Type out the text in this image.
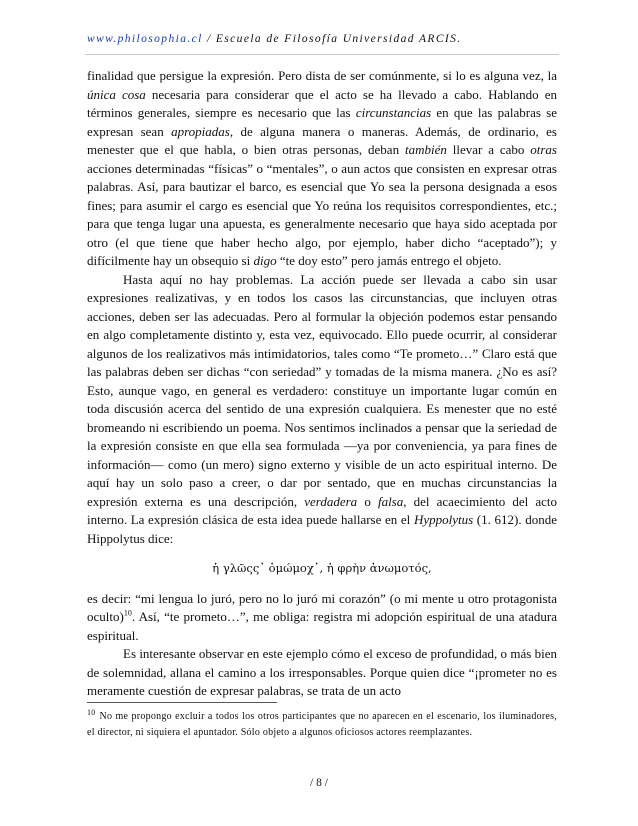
www.philosophia.cl / Escuela de Filosofía Universidad ARCIS.

finalidad que persigue la expresión. Pero dista de ser comúnmente, si lo es alguna vez, la única cosa necesaria para considerar que el acto se ha llevado a cabo. Hablando en términos generales, siempre es necesario que las circunstancias en que las palabras se expresan sean apropiadas, de alguna manera o maneras. Además, de ordinario, es menester que el que habla, o bien otras personas, deban también llevar a cabo otras acciones determinadas “físicas” o “mentales”, o aun actos que consisten en expresar otras palabras. Así, para bautizar el barco, es esencial que Yo sea la persona designada a esos fines; para asumir el cargo es esencial que Yo reúna los requisitos correspondientes, etc.; para que tenga lugar una apuesta, es generalmente necesario que haya sido aceptada por otro (el que tiene que haber hecho algo, por ejemplo, haber dicho “aceptado”); y difícilmente hay un obsequio si digo “te doy esto” pero jamás entrego el objeto.

Hasta aquí no hay problemas. La acción puede ser llevada a cabo sin usar expresiones realizativas, y en todos los casos las circunstancias, que incluyen otras acciones, deben ser las adecuadas. Pero al formular la objeción podemos estar pensando en algo completamente distinto y, esta vez, equivocado. Ello puede ocurrir, al considerar algunos de los realizativos más intimidatorios, tales como “Te prometo…” Claro está que las palabras deben ser dichas “con seriedad” y tomadas de la misma manera. ¿No es así? Esto, aunque vago, en general es verdadero: constituye un importante lugar común en toda discusión acerca del sentido de una expresión cualquiera. Es menester que no esté bromeando ni escribiendo un poema. Nos sentimos inclinados a pensar que la seriedad de la expresión consiste en que ella sea formulada —ya por conveniencia, ya para fines de información— como (un mero) signo externo y visible de un acto espiritual interno. De aquí hay un solo paso a creer, o dar por sentado, que en muchas circunstancias la expresión externa es una descripción, verdadera o falsa, del acaecimiento del acto interno. La expresión clásica de esta idea puede hallarse en el Hyppolytus (1. 612). donde Hippolytus dice:

ἡ γλῶςς᾽ ὀμώμοχ᾽, ἡ φρὴν ἀνωμοτός,

es decir: “mi lengua lo juró, pero no lo juró mi corazón” (o mi mente u otro protagonista oculto)$^{10}$. Así, “te prometo…”, me obliga: registra mi adopción espiritual de una atadura espiritual.

Es interesante observar en este ejemplo cómo el exceso de profundidad, o más bien de solemnidad, allana el camino a los irresponsables. Porque quien dice “¡prometer no es meramente cuestión de expresar palabras, se trata de un acto

$^{10}$ No me propongo excluir a todos los otros participantes que no aparecen en el escenario, los iluminadores, el director, ni siquiera el apuntador. Sólo objeto a algunos oficiosos actores reemplazantes.
/ 8 /
